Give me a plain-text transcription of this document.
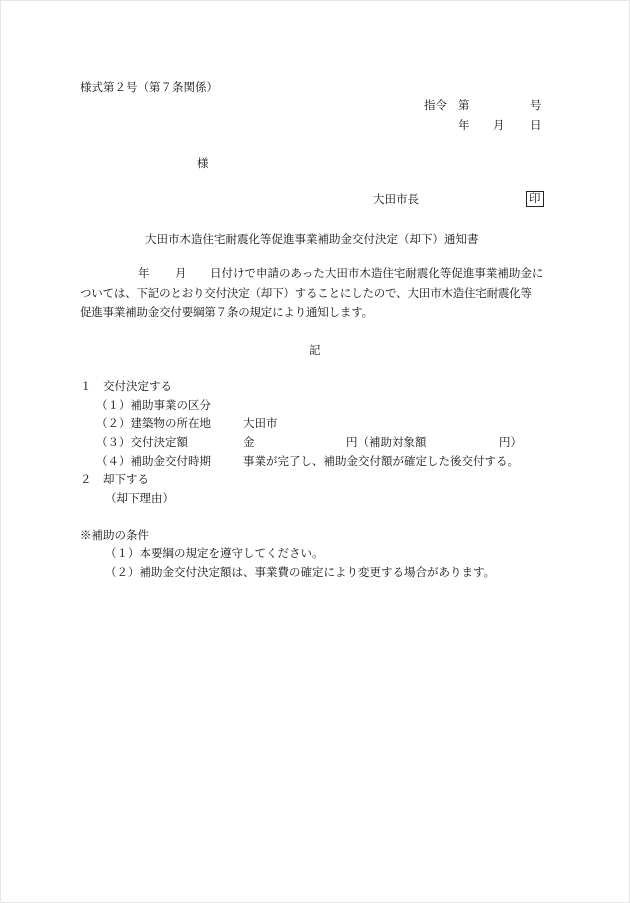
様式第２号（第７条関係）
指令 第	号
年 月 日
様
大田市長	印
大田市木造住宅耐震化等促進事業補助金交付決定（却下）通知書
年 月 日付けで申請のあった大田市木造住宅耐震化等促進事業補助金に
ついては、下記のとおり交付決定（却下）することにしたので、大田市木造住宅耐震化等
促進事業補助金交付要綱第７条の規定により通知します。
記
１　交付決定する
（１）補助事業の区分
（２）建築物の所在地	大田市
（３）交付決定額	金	円（補助対象額	円）
（４）補助金交付時期	事業が完了し、補助金交付額が確定した後交付する。
２　却下する
（却下理由）
※補助の条件
（１）本要綱の規定を遵守してください。
（２）補助金交付決定額は、事業費の確定により変更する場合があります。
